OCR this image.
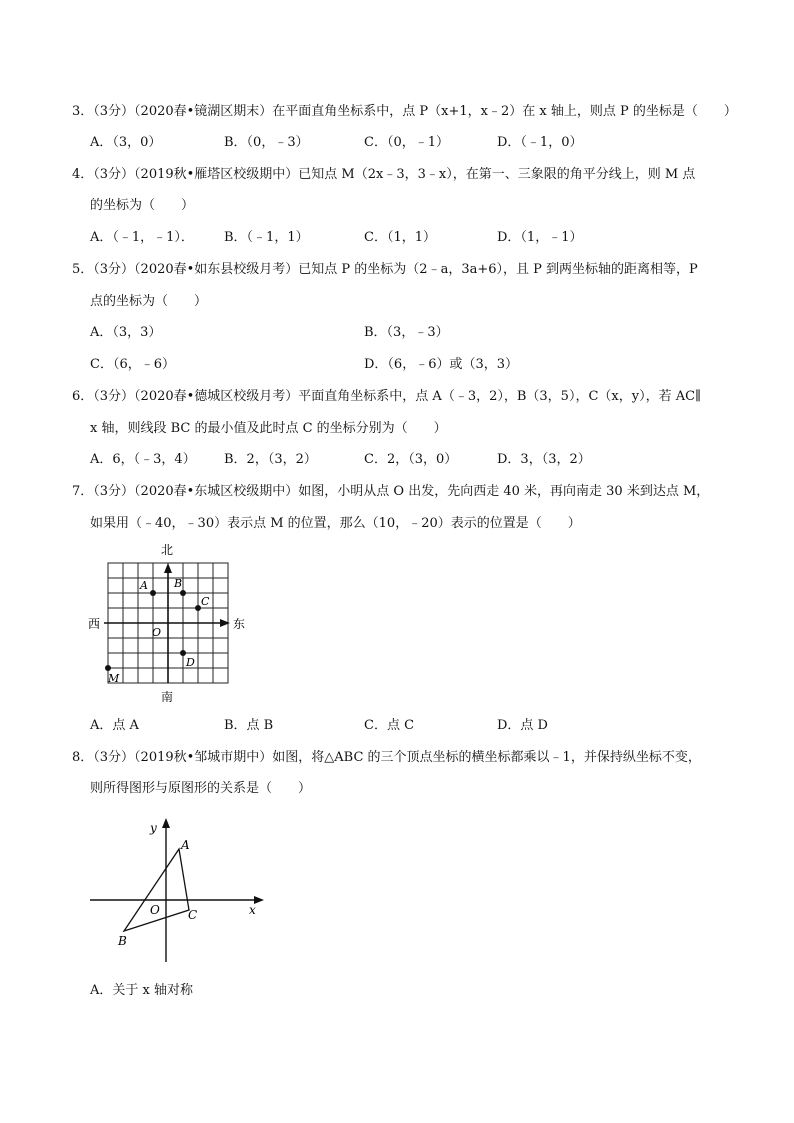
3．（3分）（2020春•镜湖区期末）在平面直角坐标系中，点 P（x+1，x﹣2）在 x 轴上，则点 P 的坐标是（　　）
A．（3，0）	B．（0，﹣3）	C．（0，﹣1）	D．（﹣1，0）
4．（3分）（2019秋•雁塔区校级期中）已知点 M（2x﹣3，3﹣x），在第一、三象限的角平分线上，则 M 点
的坐标为（　　）
A．（﹣1，﹣1）． B．（﹣1，1）	C．（1，1）	D．（1，﹣1）
5．（3分）（2020春•如东县校级月考）已知点 P 的坐标为（2﹣a，3a+6），且 P 到两坐标轴的距离相等，P
点的坐标为（　　）
A．（3，3）	B．（3，﹣3）
C．（6，﹣6）	D．（6，﹣6）或（3，3）
6．（3分）（2020春•德城区校级月考）平面直角坐标系中，点 A（﹣3，2），B（3，5），C（x，y），若 AC∥
x 轴，则线段 BC 的最小值及此时点 C 的坐标分别为（　　）
A．6，（﹣3，4） B．2，（3，2）	C．2，（3，0）	D．3，（3，2）
7．（3分）（2020春•东城区校级期中）如图，小明从点 O 出发，先向西走 40 米，再向南走 30 米到达点 M，
如果用（﹣40，﹣30）表示点 M 的位置，那么（10，﹣20）表示的位置是（　　）
北
南
西	东
A B
C
O
D
M
A．点 A	B．点 B	C．点 C	D．点 D
8．（3分）（2019秋•邹城市期中）如图，将△ABC 的三个顶点坐标的横坐标都乘以﹣1，并保持纵坐标不变，
则所得图形与原图形的关系是（　　）
x
y
O
A
B
C
A．关于 x 轴对称
